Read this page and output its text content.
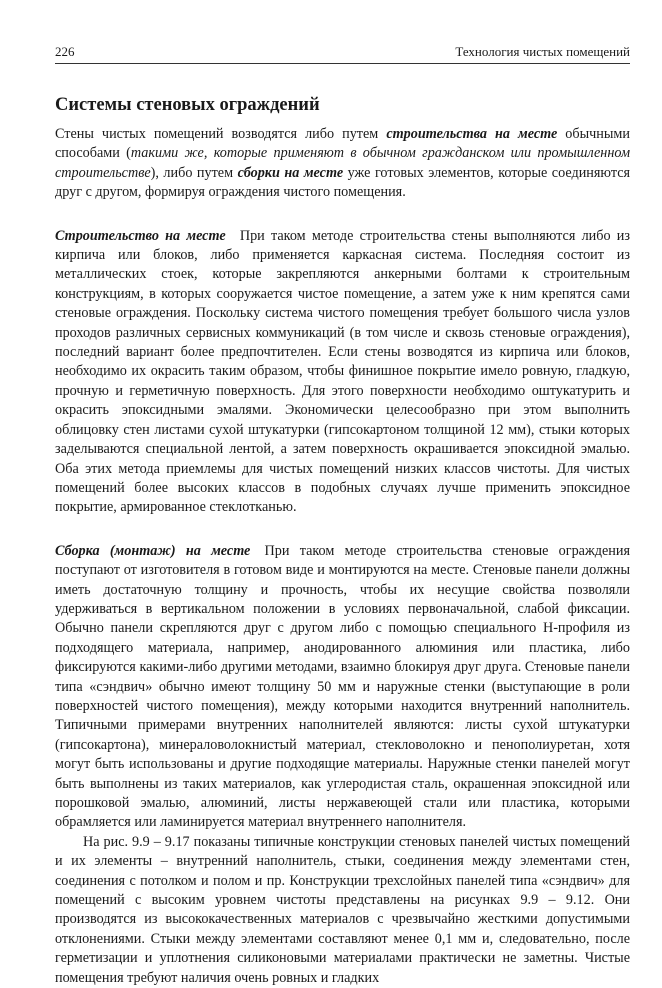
226	Технология чистых помещений
Системы стеновых ограждений

Стены чистых помещений возводятся либо путем строительства на месте обычными способами (такими же, которые применяют в обычном гражданском или промышленном строительстве), либо путем сборки на месте уже готовых элементов, которые соединяются друг с другом, формируя ограждения чистого помещения.

Строительство на месте  При таком методе строительства стены выполняются либо из кирпича или блоков, либо применяется каркасная система. Последняя состоит из металлических стоек, которые закрепляются анкерными болтами к строительным конструкциям, в которых сооружается чистое помещение, а затем уже к ним крепятся сами стеновые ограждения. Поскольку система чистого помещения требует большого числа узлов проходов различных сервисных коммуникаций (в том числе и сквозь стеновые ограждения), последний вариант более предпочтителен. Если стены возводятся из кирпича или блоков, необходимо их окрасить таким образом, чтобы финишное покрытие имело ровную, гладкую, прочную и герметичную поверхность. Для этого поверхности необходимо оштукатурить и окрасить эпоксидными эмалями. Экономически целесообразно при этом выполнить облицовку стен листами сухой штукатурки (гипсокартоном толщиной 12 мм), стыки которых заделываются специальной лентой, а затем поверхность окрашивается эпоксидной эмалью. Оба этих метода приемлемы для чистых помещений низких классов чистоты. Для чистых помещений более высоких классов в подобных случаях лучше применить эпоксидное покрытие, армированное стеклотканью.

Сборка (монтаж) на месте  При таком методе строительства стеновые ограждения поступают от изготовителя в готовом виде и монтируются на месте. Стеновые панели должны иметь достаточную толщину и прочность, чтобы их несущие свойства позволяли удерживаться в вертикальном положении в условиях первоначальной, слабой фиксации. Обычно панели скрепляются друг с другом либо с помощью специального H-профиля из подходящего материала, например, анодированного алюминия или пластика, либо фиксируются какими-либо другими методами, взаимно блокируя друг друга. Стеновые панели типа «сэндвич» обычно имеют толщину 50 мм и наружные стенки (выступающие в роли поверхностей чистого помещения), между которыми находится внутренний наполнитель. Типичными примерами внутренних наполнителей являются: листы сухой штукатурки (гипсокартона), минераловолокнистый материал, стекловолокно и пенополиуретан, хотя могут быть использованы и другие подходящие материалы. Наружные стенки панелей могут быть выполнены из таких материалов, как углеродистая сталь, окрашенная эпоксидной или порошковой эмалью, алюминий, листы нержавеющей стали или пластика, которыми обрамляется или ламинируется материал внутреннего наполнителя.

На рис. 9.9 – 9.17 показаны типичные конструкции стеновых панелей чистых помещений и их элементы – внутренний наполнитель, стыки, соединения между элементами стен, соединения с потолком и полом и пр. Конструкции трехслойных панелей типа «сэндвич» для помещений с высоким уровнем чистоты представлены на рисунках 9.9 – 9.12. Они производятся из высококачественных материалов с чрезвычайно жесткими допустимыми отклонениями. Стыки между элементами составляют менее 0,1 мм и, следовательно, после герметизации и уплотнения силиконовыми материалами практически не заметны. Чистые помещения требуют наличия очень ровных и гладких
